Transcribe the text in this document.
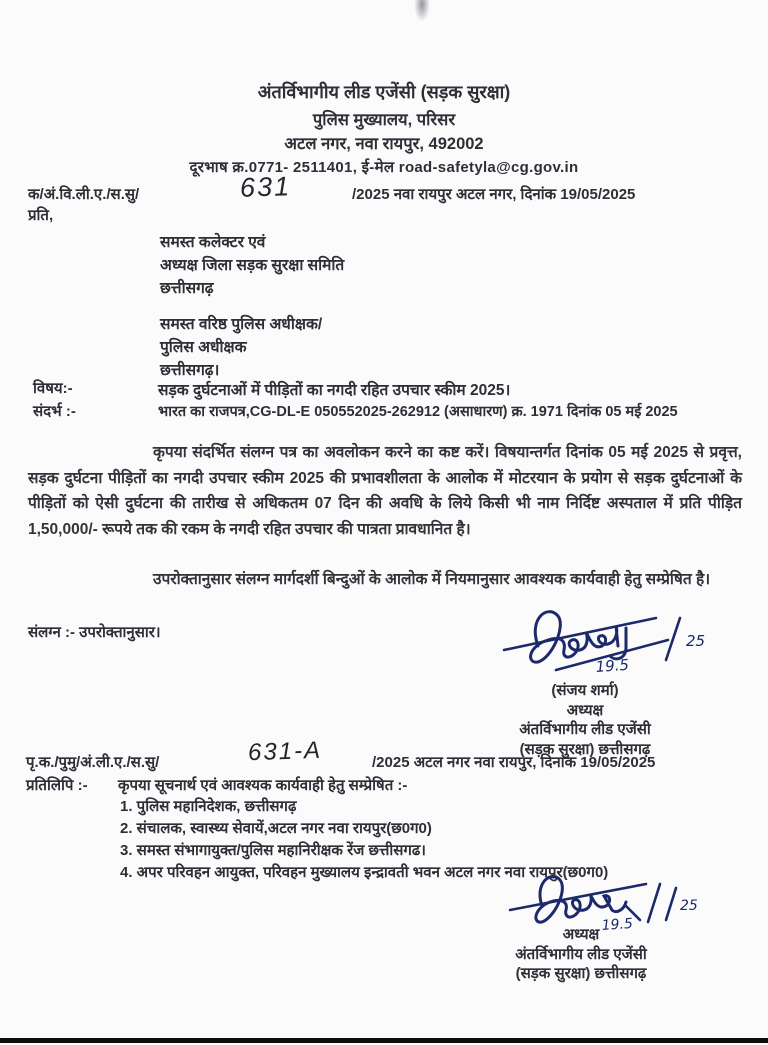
अंतर्विभागीय लीड एजेंसी (सड़क सुरक्षा)
पुलिस मुख्यालय, परिसर
अटल नगर, नवा रायपुर, 492002
दूरभाष क्र.0771- 2511401, ई-मेल road-safetyla@cg.gov.in
क/अं.वि.ली.ए./स.सु/	631	/2025 नवा रायपुर अटल नगर, दिनांक 19/05/2025
प्रति,
समस्त कलेक्टर एवं
अध्यक्ष जिला सड़क सुरक्षा समिति
छत्तीसगढ़
समस्त वरिष्ठ पुलिस अधीक्षक/
पुलिस अधीक्षक
छत्तीसगढ़।
विषय:-	सड़क दुर्घटनाओं में पीड़ितों का नगदी रहित उपचार स्कीम 2025।
संदर्भ :-	भारत का राजपत्र,CG-DL-E 050552025-262912 (असाधारण) क्र. 1971 दिनांक 05 मई 2025
कृपया संदर्भित संलग्न पत्र का अवलोकन करने का कष्ट करें। विषयान्तर्गत दिनांक 05 मई 2025 से प्रवृत्त, सड़क दुर्घटना पीड़ितों का नगदी उपचार स्कीम 2025 की प्रभावशीलता के आलोक में मोटरयान के प्रयोग से सड़क दुर्घटनाओं के पीड़ितों को ऐसी दुर्घटना की तारीख से अधिकतम 07 दिन की अवधि के लिये किसी भी नाम निर्दिष्ट अस्पताल में प्रति पीड़ित 1,50,000/- रूपये तक की रकम के नगदी रहित उपचार की पात्रता प्रावधानित है।
उपरोक्तानुसार संलग्न मार्गदर्शी बिन्दुओं के आलोक में नियमानुसार आवश्यक कार्यवाही हेतु सम्प्रेषित है।
संलग्न :- उपरोक्तानुसार।
19.5
25
(संजय शर्मा)
अध्यक्ष
अंतर्विभागीय लीड एजेंसी
(सड़क सुरक्षा) छत्तीसगढ़
पृ.क./पुमु/अं.ली.ए./स.सु/	631-A	/2025 अटल नगर नवा रायपुर, दिनांक 19/05/2025
प्रतिलिपि :- कृपया सूचनार्थ एवं आवश्यक कार्यवाही हेतु सम्प्रेषित :-
1. पुलिस महानिदेशक, छत्तीसगढ़
2. संचालक, स्वास्थ्य सेवायें,अटल नगर नवा रायपुर(छ0ग0)
3. समस्त संभागायुक्त/पुलिस महानिरीक्षक रेंज छत्तीसगढ।
4. अपर परिवहन आयुक्त, परिवहन मुख्यालय इन्द्रावती भवन अटल नगर नवा रायपुर(छ0ग0)
19.5
25
अध्यक्ष
अंतर्विभागीय लीड एजेंसी
(सड़क सुरक्षा) छत्तीसगढ़
